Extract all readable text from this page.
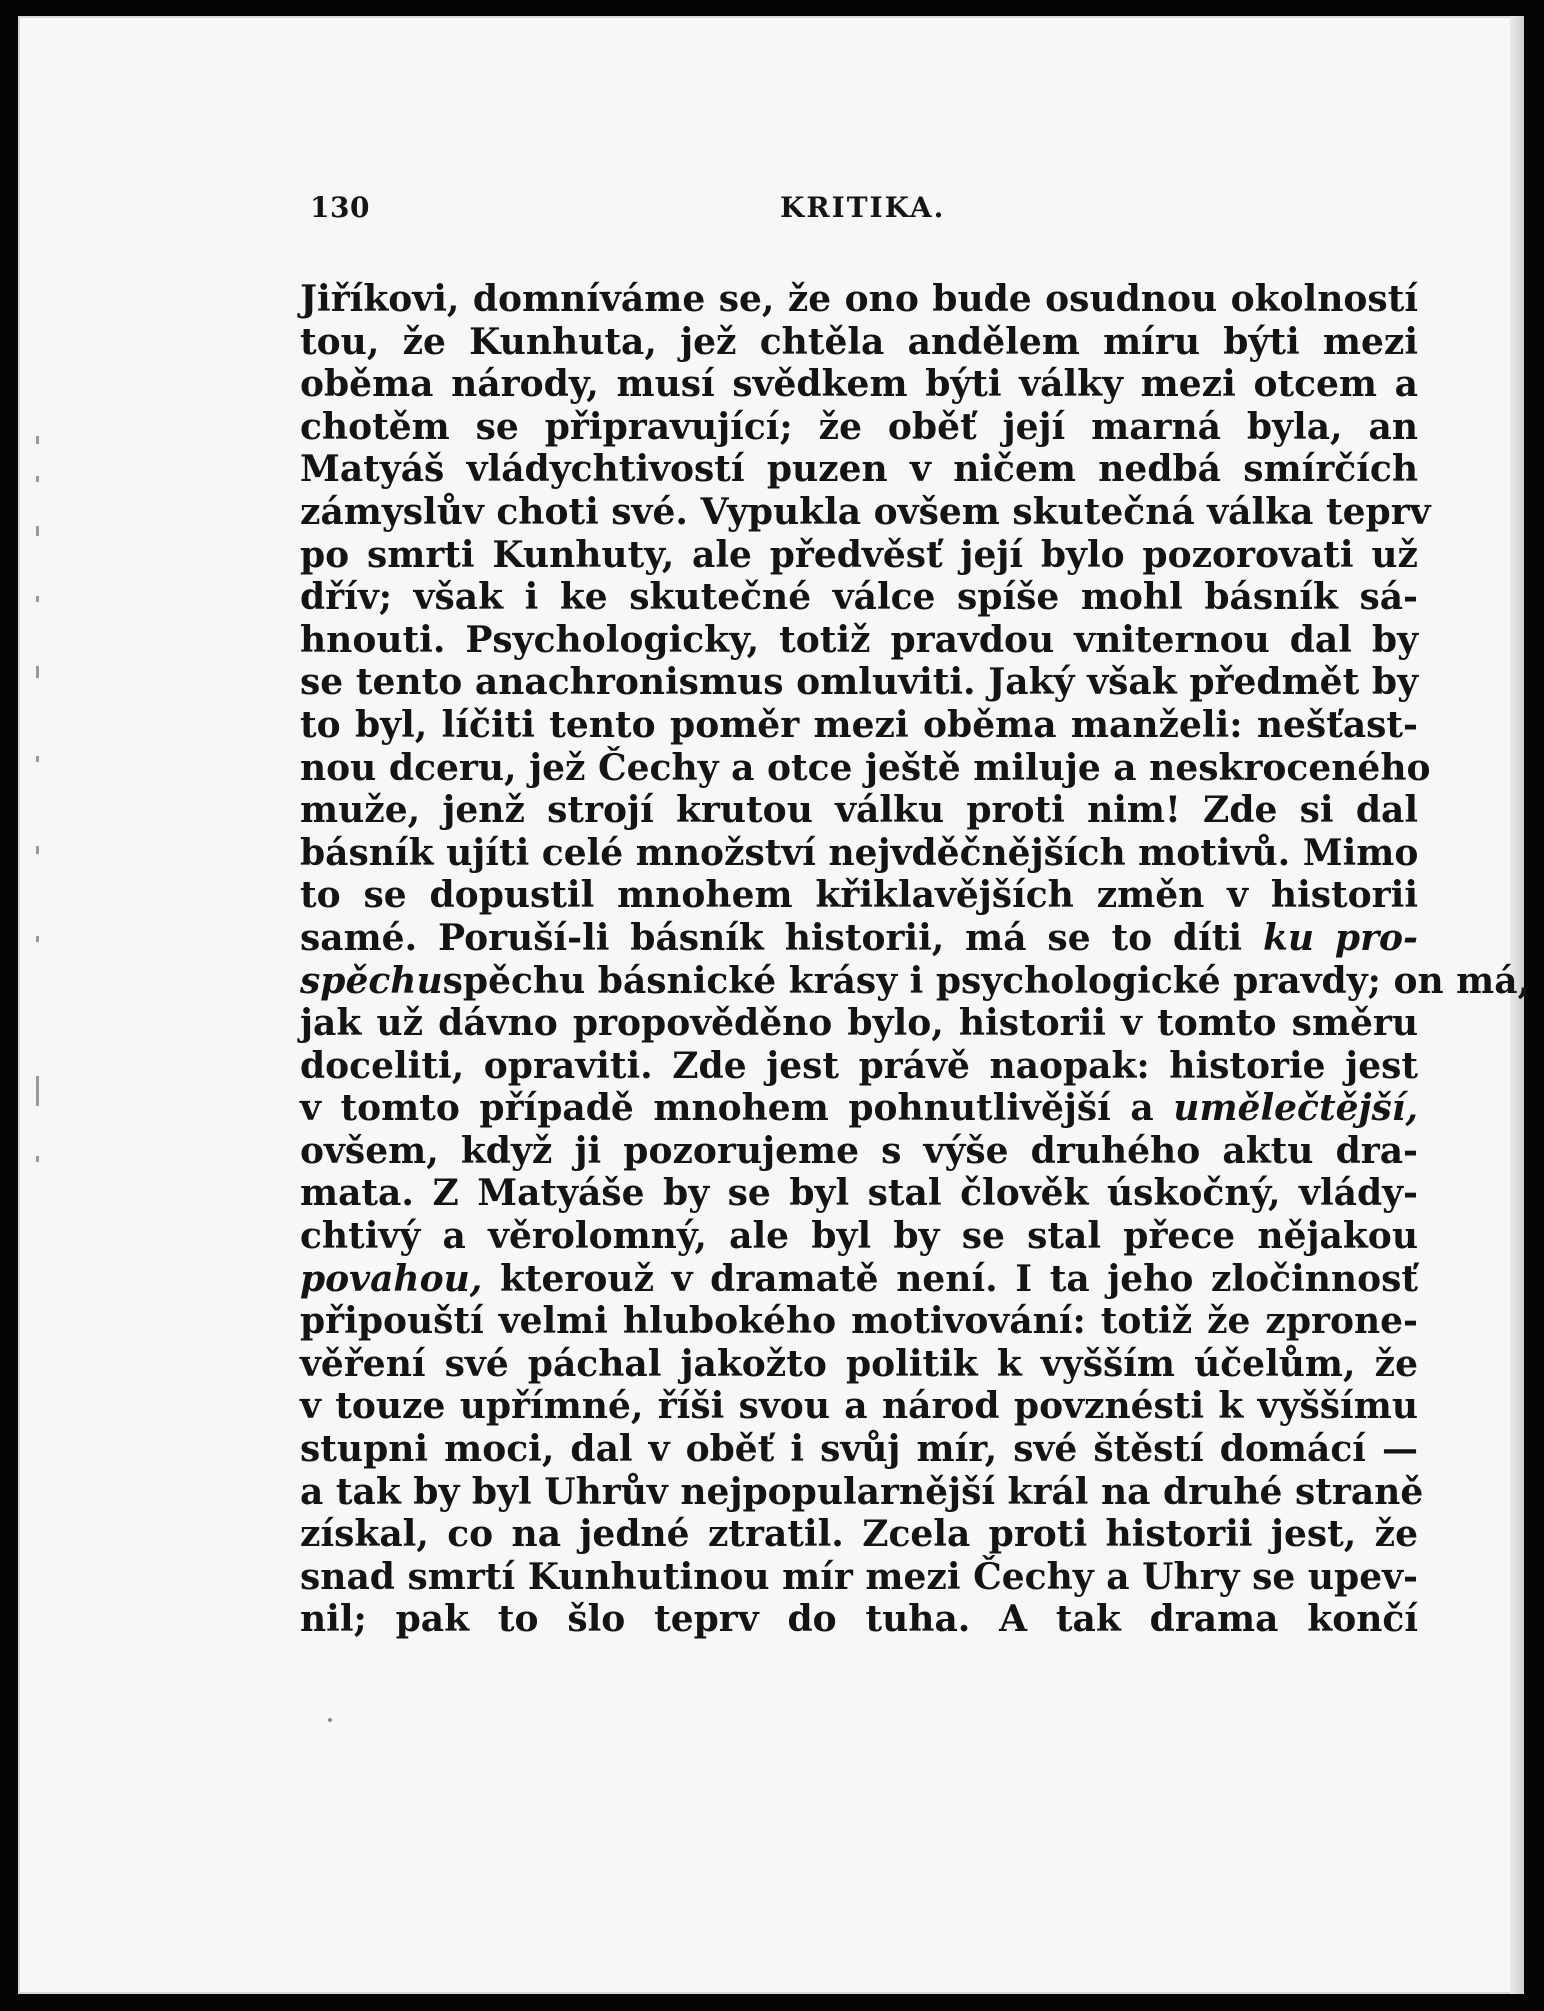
130	KRITIKA.
Jiříkovi, domníváme se, že ono bude osudnou okolností
tou, že Kunhuta, jež chtěla andělem míru býti mezi
oběma národy, musí svědkem býti války mezi otcem a
chotěm se připravující; že oběť její marná byla, an
Matyáš vládychtivostí puzen v ničem nedbá smírčích
zámyslův choti své. Vypukla ovšem skutečná válka teprv
po smrti Kunhuty, ale předvěsť její bylo pozorovati už
dřív; však i ke skutečné válce spíše mohl básník sá-
hnouti. Psychologicky, totiž pravdou vniternou dal by
se tento anachronismus omluviti. Jaký však předmět by
to byl, líčiti tento poměr mezi oběma manželi: nešťast-
nou dceru, jež Čechy a otce ještě miluje a neskroceného
muže, jenž strojí krutou válku proti nim! Zde si dal
básník ujíti celé množství nejvděčnějších motivů. Mimo
to se dopustil mnohem křiklavějších změn v historii
samé. Poruší-li básník historii, má se to díti ku pro-
spěchuspěchu básnické krásy i psychologické pravdy; on má,
jak už dávno propověděno bylo, historii v tomto směru
doceliti, opraviti. Zde jest právě naopak: historie jest
v tomto případě mnohem pohnutlivější a umělečtější,
ovšem, když ji pozorujeme s výše druhého aktu dra-
mata. Z Matyáše by se byl stal člověk úskočný, vlády-
chtivý a věrolomný, ale byl by se stal přece nějakou
povahou, kterouž v dramatě není. I ta jeho zločinnosť
připouští velmi hlubokého motivování: totiž že zprone-
věření své páchal jakožto politik k vyšším účelům, že
v touze upřímné, říši svou a národ povznésti k vyššímu
stupni moci, dal v oběť i svůj mír, své štěstí domácí —
a tak by byl Uhrův nejpopularnější král na druhé straně
získal, co na jedné ztratil. Zcela proti historii jest, že
snad smrtí Kunhutinou mír mezi Čechy a Uhry se upev-
nil; pak to šlo teprv do tuha. A tak drama končí
